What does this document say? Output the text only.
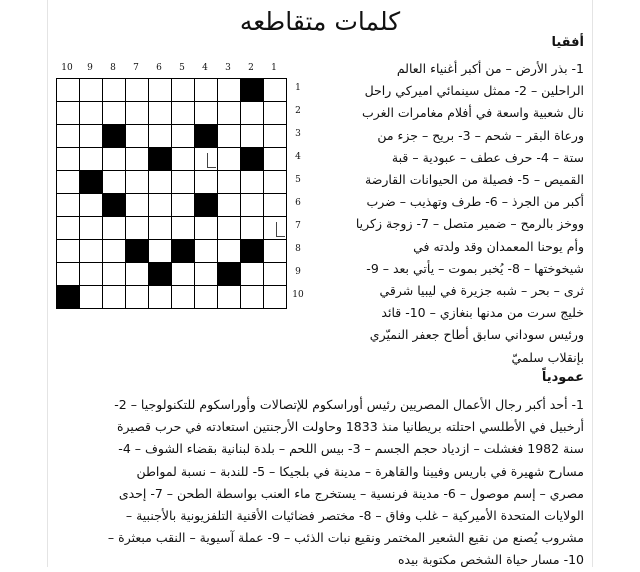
كلمات متقاطعه
أفقيا
1- بذر الأرض – من أكبر أغنياء العالم
الراحلين – 2- ممثل سينمائي اميركي راحل
نال شعبية واسعة في أفلام مغامرات الغرب
ورعاة البقر – شحم – 3- بريح – جزء من
ستة – 4- حرف عطف – عبودية – قبة
القميص – 5- فصيلة من الحيوانات القارضة
أكبر من الجرذ – 6- طرف وتهذيب – ضرب
ووخز بالرمح – ضمير متصل – 7- زوجة زكريا
وأم يوحنا المعمدان وقد ولدته في
شيخوختها – 8- يُخبر بموت – يأتي بعد – 9-
ثرى – بحر – شبه جزيرة في ليبيا شرقي
خليج سرت من مدنها بنغازي – 10- قائد
ورئيس سوداني سابق أطاح جعفر النميّري
بإنقلاب سلميّ
10	9	8	7	6	5	4	3	2	1
1
2
3
4
5
6
7
8
9
10
عمودياً
1- أحد أكبر رجال الأعمال المصريين رئيس أوراسكوم للإتصالات وأوراسكوم للتكنولوجيا – 2-
أرخبيل في الأطلسي احتلته بريطانيا منذ 1833 وحاولت الأرجنتين استعادته في حرب قصيرة
سنة 1982 فغشلت – ازدياد حجم الجسم – 3- بيس اللحم – بلدة لبنانية بقضاء الشوف – 4-
مسارح شهيرة في باريس وفيينا والقاهرة – مدينة في بلجيكا – 5- للندبة – نسبة لمواطن
مصري – إسم موصول – 6- مدينة فرنسية – يستخرج ماء العنب بواسطة الطحن – 7- إحدى
الولايات المتحدة الأميركية – غلب وفاق – 8- مختصر فضائيات الأقنية التلفزيونية بالأجنبية –
مشروب يُصنع من نقيع الشعير المختمر ونقيع نبات الذئب – 9- عملة آسيوية – النقب مبعثرة –
10- مسار حياة الشخص مكتوبة بيده
